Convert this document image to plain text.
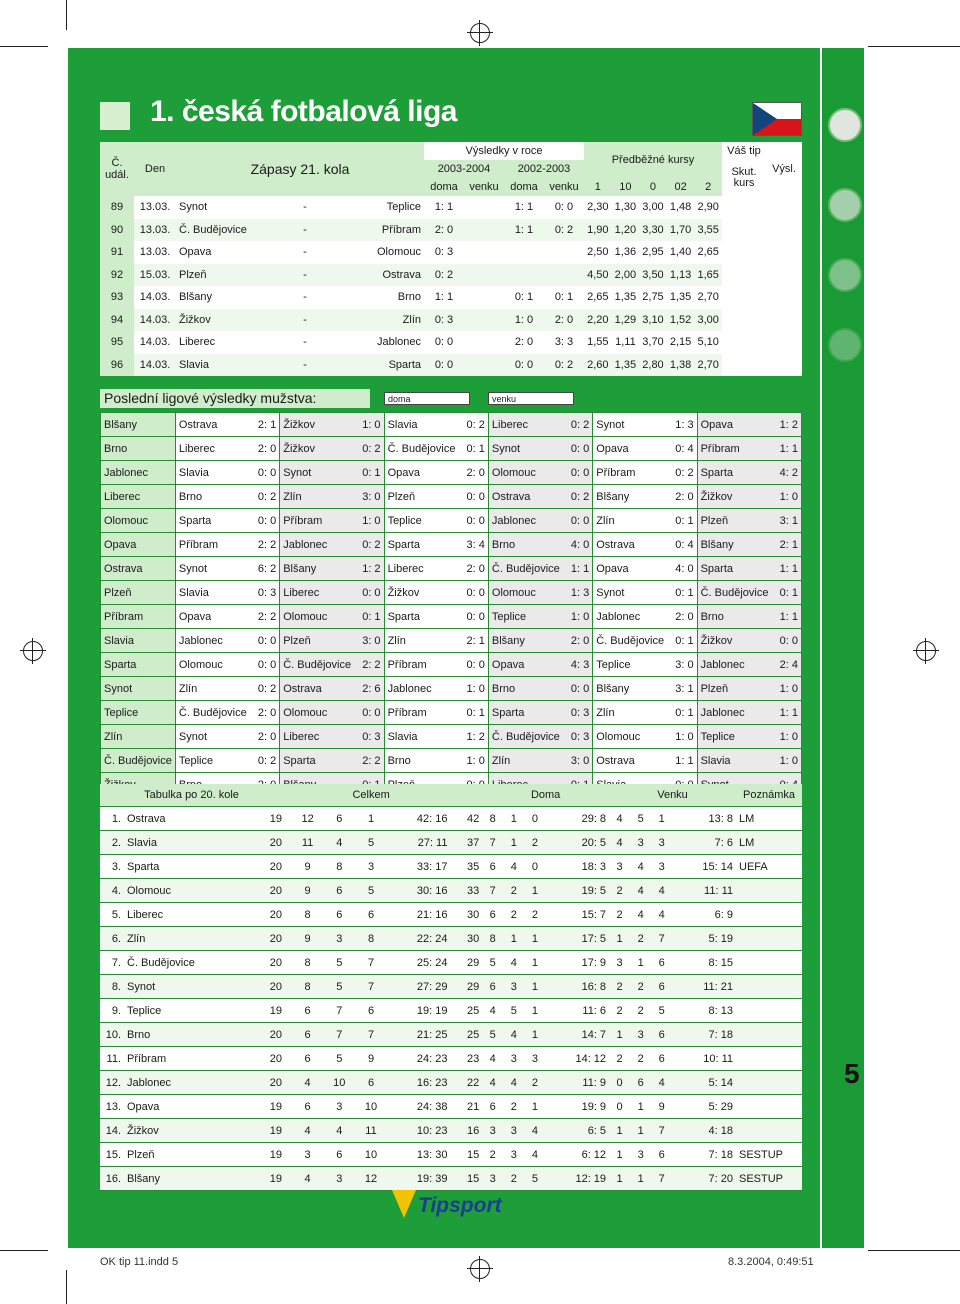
1. česká fotbalová liga
Č. udál.	Den	Zápasy 21. kola			Výsledky v roce				Předběžné kursy					Váš tip	Výsl.
					2003-2004		2002-2003							Skut. kurs	
					doma	venku	doma	venku	1	10	0	02	2		
89	13.03.	Synot	-	Teplice	1: 1		1: 1	0: 0	2,30	1,30	3,00	1,48	2,90		
90	13.03.	Č. Budějovice	-	Příbram	2: 0		1: 1	0: 2	1,90	1,20	3,30	1,70	3,55		
91	13.03.	Opava	-	Olomouc	0: 3				2,50	1,36	2,95	1,40	2,65		
92	15.03.	Plzeň	-	Ostrava	0: 2				4,50	2,00	3,50	1,13	1,65		
93	14.03.	Blšany	-	Brno	1: 1		0: 1	0: 1	2,65	1,35	2,75	1,35	2,70		
94	14.03.	Žižkov	-	Zlín	0: 3		1: 0	2: 0	2,20	1,29	3,10	1,52	3,00		
95	14.03.	Liberec	-	Jablonec	0: 0		2: 0	3: 3	1,55	1,11	3,70	2,15	5,10		
96	14.03.	Slavia	-	Sparta	0: 0		0: 0	0: 2	2,60	1,35	2,80	1,38	2,70		
Poslední ligové výsledky mužstva:	doma	venku
Blšany	Ostrava	2: 1	Žižkov	1: 0	Slavia	0: 2	Liberec	0: 2	Synot	1: 3	Opava	1: 2
Brno	Liberec	2: 0	Žižkov	0: 2	Č. Budějovice	0: 1	Synot	0: 0	Opava	0: 4	Příbram	1: 1
Jablonec	Slavia	0: 0	Synot	0: 1	Opava	2: 0	Olomouc	0: 0	Příbram	0: 2	Sparta	4: 2
Liberec	Brno	0: 2	Zlín	3: 0	Plzeň	0: 0	Ostrava	0: 2	Blšany	2: 0	Žižkov	1: 0
Olomouc	Sparta	0: 0	Příbram	1: 0	Teplice	0: 0	Jablonec	0: 0	Zlín	0: 1	Plzeň	3: 1
Opava	Příbram	2: 2	Jablonec	0: 2	Sparta	3: 4	Brno	4: 0	Ostrava	0: 4	Blšany	2: 1
Ostrava	Synot	6: 2	Blšany	1: 2	Liberec	2: 0	Č. Budějovice	1: 1	Opava	4: 0	Sparta	1: 1
Plzeň	Slavia	0: 3	Liberec	0: 0	Žižkov	0: 0	Olomouc	1: 3	Synot	0: 1	Č. Budějovice	0: 1
Příbram	Opava	2: 2	Olomouc	0: 1	Sparta	0: 0	Teplice	1: 0	Jablonec	2: 0	Brno	1: 1
Slavia	Jablonec	0: 0	Plzeň	3: 0	Zlín	2: 1	Blšany	2: 0	Č. Budějovice	0: 1	Žižkov	0: 0
Sparta	Olomouc	0: 0	Č. Budějovice	2: 2	Příbram	0: 0	Opava	4: 3	Teplice	3: 0	Jablonec	2: 4
Synot	Zlín	0: 2	Ostrava	2: 6	Jablonec	1: 0	Brno	0: 0	Blšany	3: 1	Plzeň	1: 0
Teplice	Č. Budějovice	2: 0	Olomouc	0: 0	Příbram	0: 1	Sparta	0: 3	Zlín	0: 1	Jablonec	1: 1
Zlín	Synot	2: 0	Liberec	0: 3	Slavia	1: 2	Č. Budějovice	0: 3	Olomouc	1: 0	Teplice	1: 0
Č. Budějovice	Teplice	0: 2	Sparta	2: 2	Brno	1: 0	Zlín	3: 0	Ostrava	1: 1	Slavia	1: 0

Tabulka po 20. kole		Celkem						Doma				Venku				Poznámka
1.	Ostrava	19	12	6	1	42: 16	42	8	1	0	29: 8	4	5	1	13: 8	LM
2.	Slavia	20	11	4	5	27: 11	37	7	1	2	20: 5	4	3	3	7: 6	LM
3.	Sparta	20	9	8	3	33: 17	35	6	4	0	18: 3	3	4	3	15: 14	UEFA
4.	Olomouc	20	9	6	5	30: 16	33	7	2	1	19: 5	2	4	4	11: 11	
5.	Liberec	20	8	6	6	21: 16	30	6	2	2	15: 7	2	4	4	6: 9	
6.	Zlín	20	9	3	8	22: 24	30	8	1	1	17: 5	1	2	7	5: 19	
7.	Č. Budějovice	20	8	5	7	25: 24	29	5	4	1	17: 9	3	1	6	8: 15	
8.	Synot	20	8	5	7	27: 29	29	6	3	1	16: 8	2	2	6	11: 21	
9.	Teplice	19	6	7	6	19: 19	25	4	5	1	11: 6	2	2	5	8: 13	
10.	Brno	20	6	7	7	21: 25	25	5	4	1	14: 7	1	3	6	7: 18	
11.	Příbram	20	6	5	9	24: 23	23	4	3	3	14: 12	2	2	6	10: 11	
12.	Jablonec	20	4	10	6	16: 23	22	4	4	2	11: 9	0	6	4	5: 14	
13.	Opava	19	6	3	10	24: 38	21	6	2	1	19: 9	0	1	9	5: 29	
14.	Žižkov	19	4	4	11	10: 23	16	3	3	4	6: 5	1	1	7	4: 18	
15.	Plzeň	19	3	6	10	13: 30	15	2	3	4	6: 12	1	3	6	7: 18	SESTUP
16.	Blšany	19	4	3	12	19: 39	15	3	2	5	12: 19	1	1	7	7: 20	SESTUP
Tipsport
5
OK tip 11.indd 5	8.3.2004, 0:49:51
